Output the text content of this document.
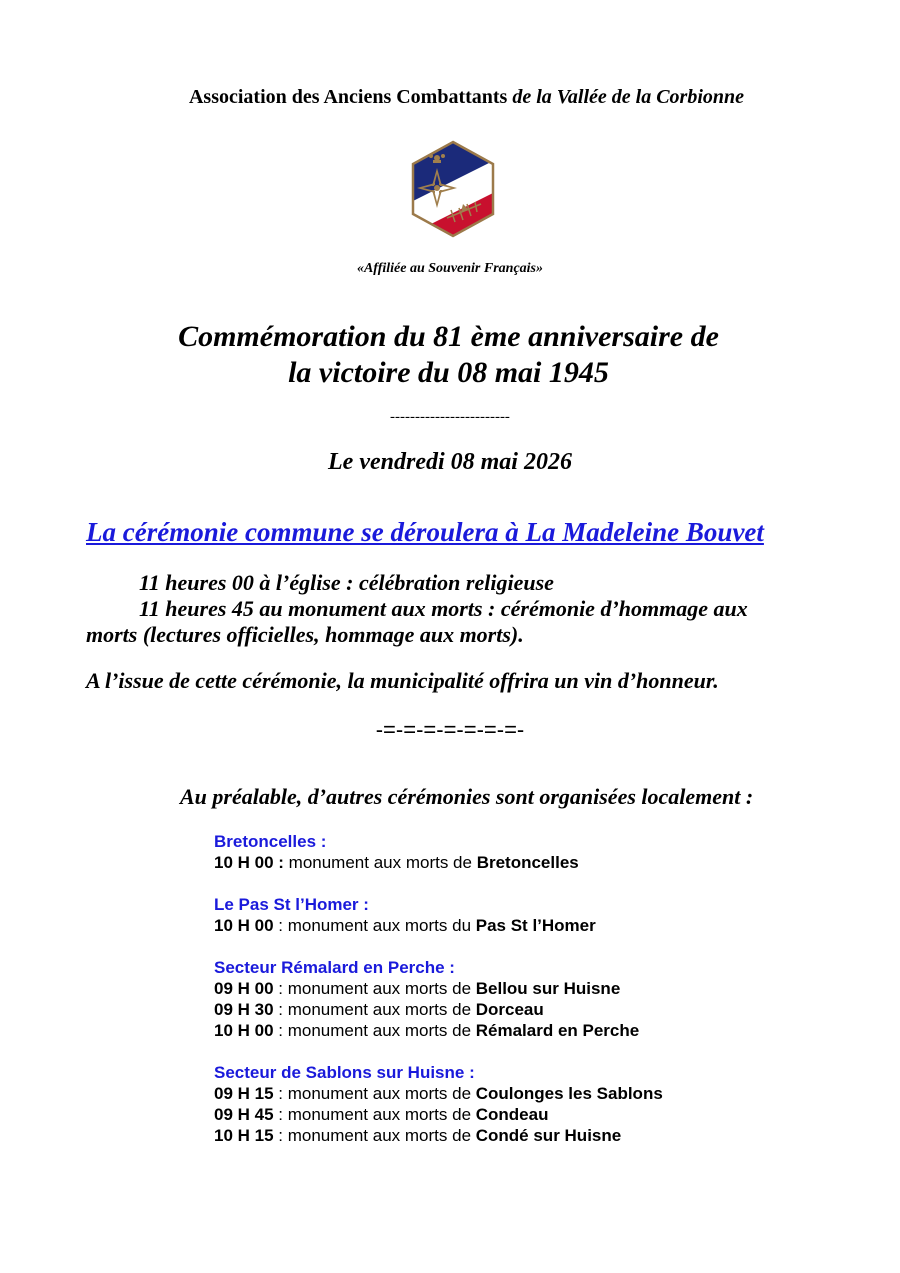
Association des Anciens Combattants de la Vallée de la Corbionne
«Affiliée au Souvenir Français»
Commémoration du 81 ème anniversaire de
la victoire du 08 mai 1945
------------------------
Le vendredi 08 mai 2026
La cérémonie commune se déroulera à La Madeleine Bouvet

11 heures 00 à l’église : célébration religieuse

11 heures 45 au monument aux morts : cérémonie d’hommage aux morts (lectures officielles, hommage aux morts).

A l’issue de cette cérémonie, la municipalité offrira un vin d’honneur.
-=-=-=-=-=-=-=-
Au préalable, d’autres cérémonies sont organisées localement :
Bretoncelles :
10 H 00 : monument aux morts de Bretoncelles
Le Pas St l’Homer :
10 H 00 : monument aux morts du Pas St l’Homer
Secteur Rémalard en Perche :
09 H 00 : monument aux morts de Bellou sur Huisne
09 H 30 : monument aux morts de Dorceau
10 H 00 : monument aux morts de Rémalard en Perche
Secteur de Sablons sur Huisne :
09 H 15 : monument aux morts de Coulonges les Sablons
09 H 45 : monument aux morts de Condeau
10 H 15 : monument aux morts de Condé sur Huisne
